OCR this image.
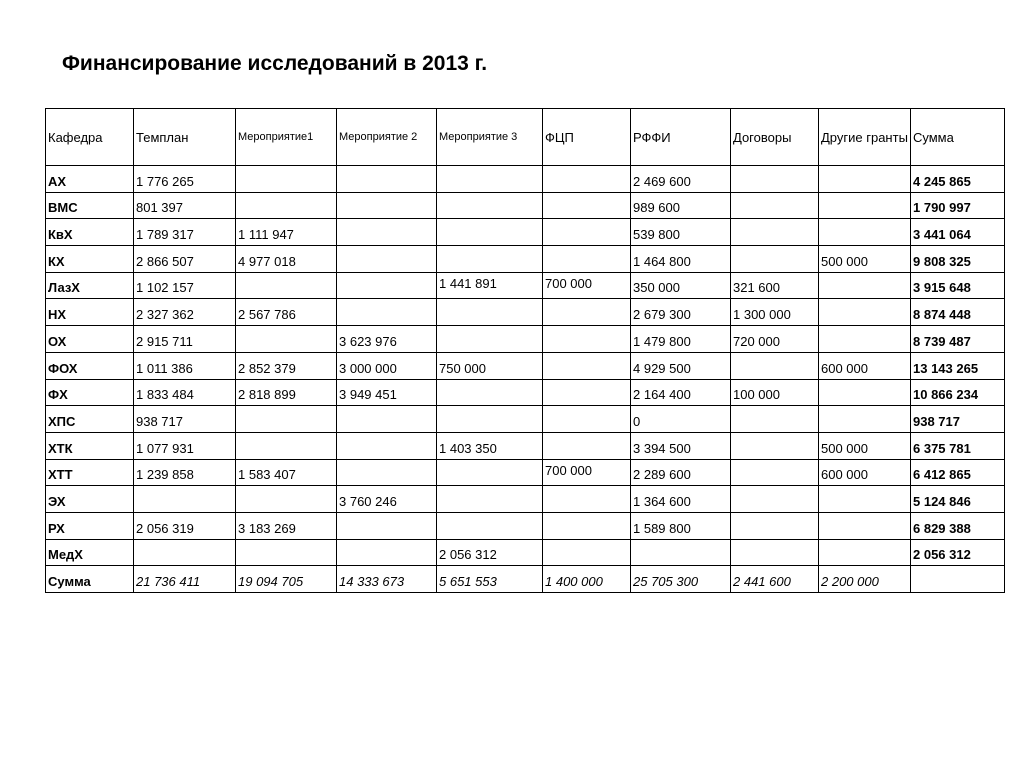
Финансирование исследований в 2013 г.
Кафедра	Темплан	Мероприятие1	Мероприятие 2	Мероприятие 3	ФЦП	РФФИ	Договоры	Другие гранты	Сумма
АХ	1 776 265					2 469 600			4 245 865
ВМС	801 397					989 600			1 790 997
КвХ	1 789 317	1 111 947				539 800			3 441 064
КХ	2 866 507	4 977 018				1 464 800		500 000	9 808 325
ЛазХ	1 102 157			1 441 891	700 000	350 000	321 600		3 915 648
НХ	2 327 362	2 567 786				2 679 300	1 300 000		8 874 448
ОХ	2 915 711		3 623 976			1 479 800	720 000		8 739 487
ФОХ	1 011 386	2 852 379	3 000 000	750 000		4 929 500		600 000	13 143 265
ФХ	1 833 484	2 818 899	3 949 451			2 164 400	100 000		10 866 234
ХПС	938 717					0			938 717
ХТК	1 077 931			1 403 350		3 394 500		500 000	6 375 781
ХТТ	1 239 858	1 583 407			700 000	2 289 600		600 000	6 412 865
ЭХ			3 760 246			1 364 600			5 124 846
РХ	2 056 319	3 183 269				1 589 800			6 829 388
МедХ				2 056 312					2 056 312
Сумма	21 736 411	19 094 705	14 333 673	5 651 553	1 400 000	25 705 300	2 441 600	2 200 000	
